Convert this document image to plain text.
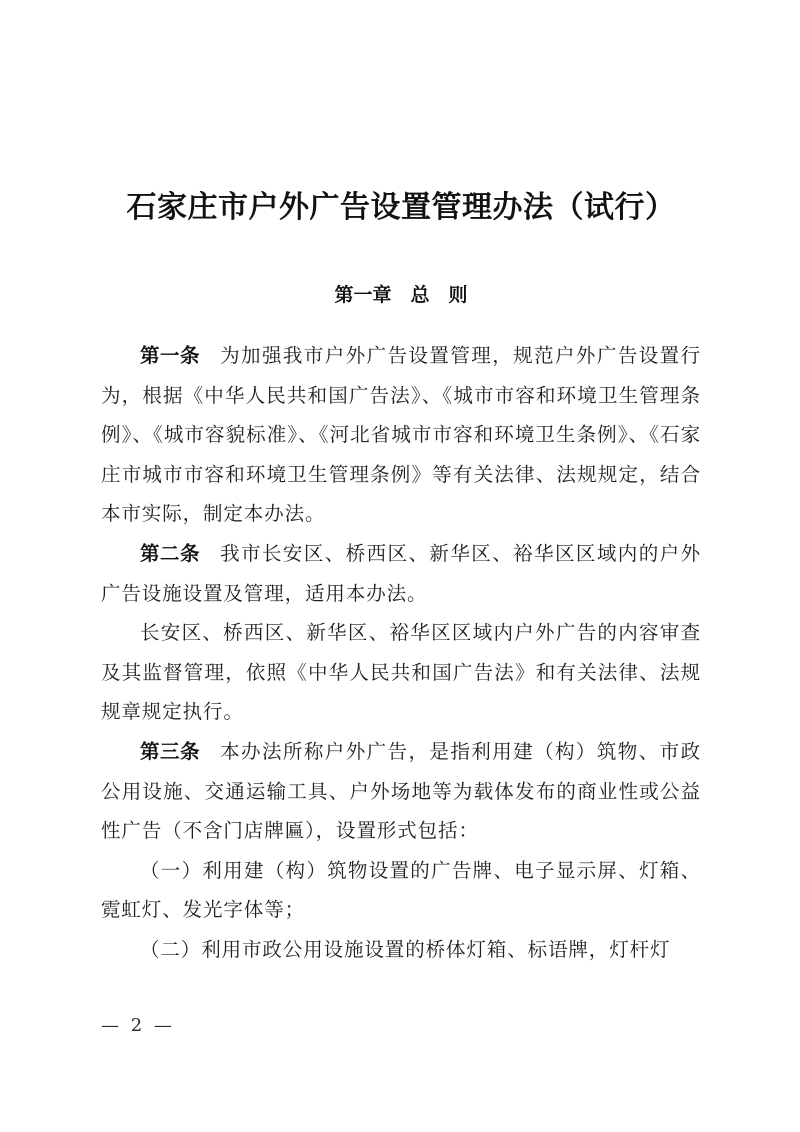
石家庄市户外广告设置管理办法（试行）
第一章　总　则

第一条　 为加强我市户外广告设置管理，规范户外广告设置行为，根据《中华人民共和国广告法》、《城市市容和环境卫生管理条例》、《城市容貌标准》、《河北省城市市容和环境卫生条例》、《石家庄市城市市容和环境卫生管理条例》等有关法律、法规规定，结合本市实际，制定本办法。

第二条　 我市长安区、桥西区、新华区、裕华区区域内的户外广告设施设置及管理，适用本办法。

长安区、桥西区、新华区、裕华区区域内户外广告的内容审查及其监督管理，依照《中华人民共和国广告法》和有关法律、法规规章规定执行。

第三条　 本办法所称户外广告，是指利用建（构）筑物、市政公用设施、交通运输工具、户外场地等为载体发布的商业性或公益性广告（不含门店牌匾），设置形式包括：

（一）利用建（构）筑物设置的广告牌、电子显示屏、灯箱、霓虹灯、发光字体等；

（二）利用市政公用设施设置的桥体灯箱、标语牌，灯杆灯

— 2 —
